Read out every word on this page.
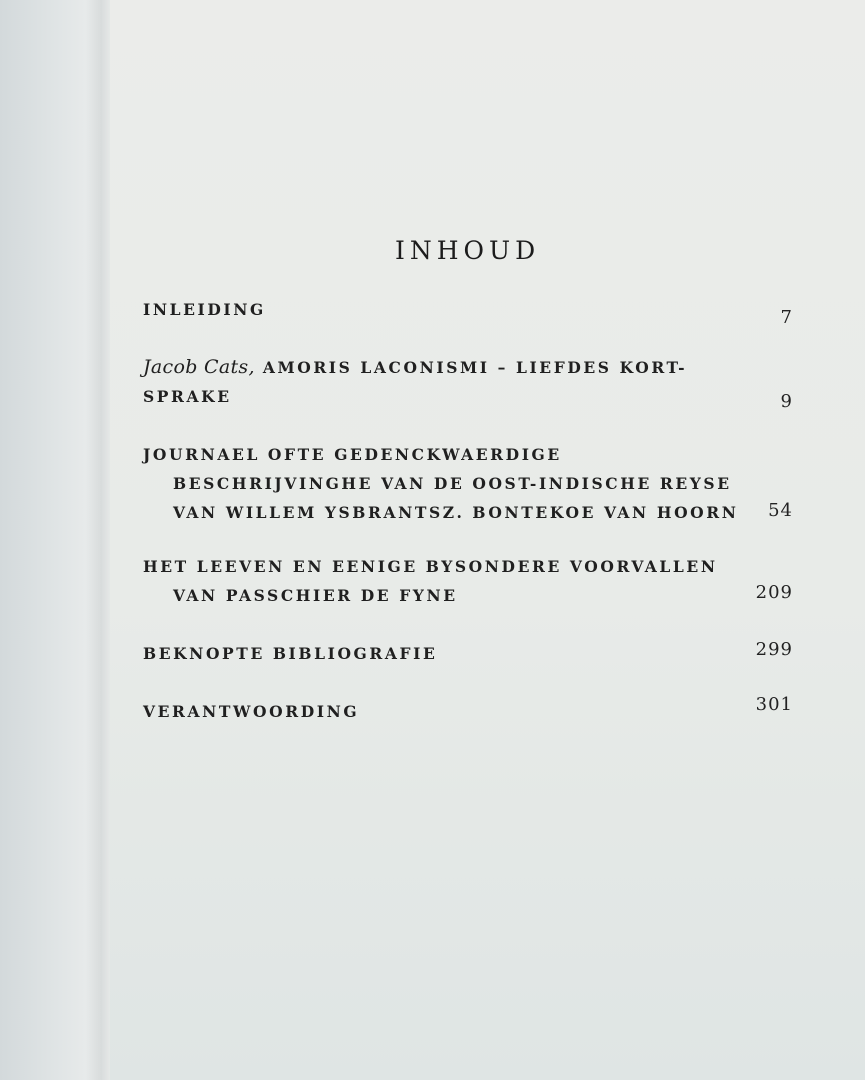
INHOUD
INLEIDING	7
Jacob Cats, AMORIS LACONISMI – LIEFDES KORT-
SPRAKE	9
JOURNAEL OFTE GEDENCKWAERDIGE
BESCHRIJVINGHE VAN DE OOST-INDISCHE REYSE
VAN WILLEM YSBRANTSZ. BONTEKOE VAN HOORN	54
HET LEEVEN EN EENIGE BYSONDERE VOORVALLEN
VAN PASSCHIER DE FYNE	209
BEKNOPTE BIBLIOGRAFIE	299
VERANTWOORDING	301
